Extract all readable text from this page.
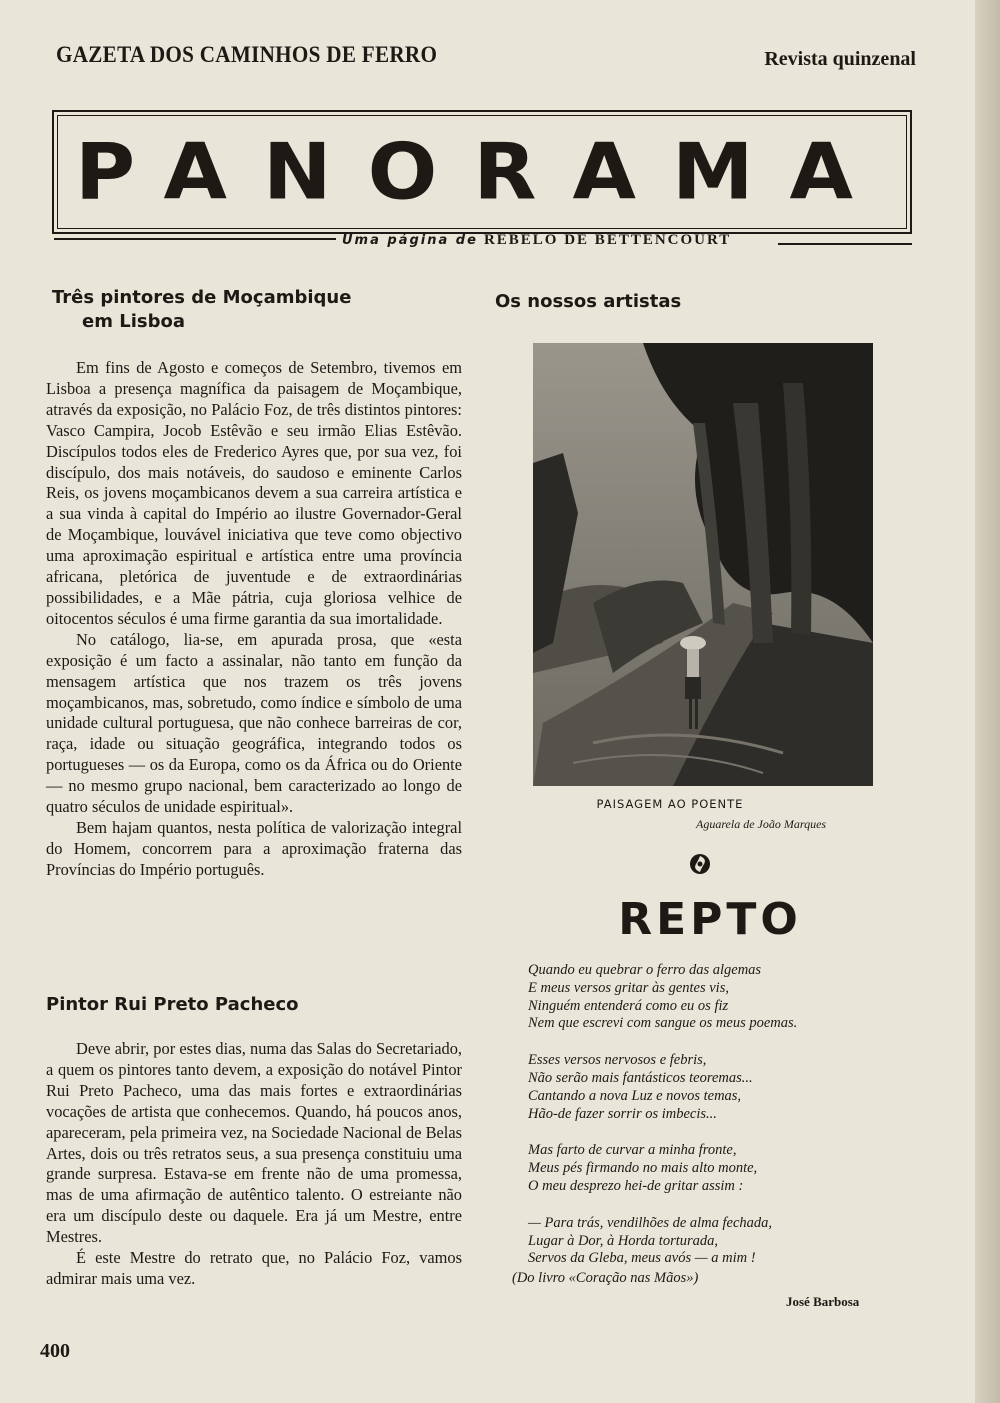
GAZETA DOS CAMINHOS DE FERRO	Revista quinzenal
PANORAMA
Uma página de REBELO DE BETTENCOURT
Três pintores de Moçambique
em Lisboa

Em fins de Agosto e começos de Setembro, tivemos em Lisboa a presença magnífica da paisagem de Moçambique, através da exposição, no Palácio Foz, de três distintos pintores: Vasco Campira, Jocob Estêvão e seu irmão Elias Estêvão. Discípulos todos eles de Frederico Ayres que, por sua vez, foi discípulo, dos mais notáveis, do saudoso e eminente Carlos Reis, os jovens moçambicanos devem a sua carreira artística e a sua vinda à capital do Império ao ilustre Governador-Geral de Moçambique, louvável iniciativa que teve como objectivo uma aproximação espiritual e artística entre uma província africana, pletórica de juventude e de extraordinárias possibilidades, e a Mãe pátria, cuja gloriosa velhice de oitocentos séculos é uma firme garantia da sua imortalidade.

No catálogo, lia-se, em apurada prosa, que «esta exposição é um facto a assinalar, não tanto em função da mensagem artística que nos trazem os três jovens moçambicanos, mas, sobretudo, como índice e símbolo de uma unidade cultural portuguesa, que não conhece barreiras de cor, raça, idade ou situação geográfica, integrando todos os portugueses — os da Europa, como os da África ou do Oriente — no mesmo grupo nacional, bem caracterizado ao longo de quatro séculos de unidade espiritual».

Bem hajam quantos, nesta política de valorização integral do Homem, concorrem para a aproximação fraterna das Províncias do Império português.

Pintor Rui Preto Pacheco

Deve abrir, por estes dias, numa das Salas do Secretariado, a quem os pintores tanto devem, a exposição do notável Pintor Rui Preto Pacheco, uma das mais fortes e extraordinárias vocações de artista que conhecemos. Quando, há poucos anos, apareceram, pela primeira vez, na Sociedade Nacional de Belas Artes, dois ou três retratos seus, a sua presença constituiu uma grande surpresa. Estava-se em frente não de uma promessa, mas de uma afirmação de autêntico talento. O estreiante não era um discípulo deste ou daquele. Era já um Mestre, entre Mestres.

É este Mestre do retrato que, no Palácio Foz, vamos admirar mais uma vez.

Os nossos artistas
PAISAGEM AO POENTE
Aguarela de João Marques
REPTO
Quando eu quebrar o ferro das algemas
E meus versos gritar às gentes vis,
Ninguém entenderá como eu os fiz
Nem que escrevi com sangue os meus poemas.
Esses versos nervosos e febris,
Não serão mais fantásticos teoremas...
Cantando a nova Luz e novos temas,
Hão-de fazer sorrir os imbecis...
Mas farto de curvar a minha fronte,
Meus pés firmando no mais alto monte,
O meu desprezo hei-de gritar assim :
— Para trás, vendilhões de alma fechada,
Lugar à Dor, à Horda torturada,
Servos da Gleba, meus avós — a mim !
(Do livro «Coração nas Mãos»)
José Barbosa
400
